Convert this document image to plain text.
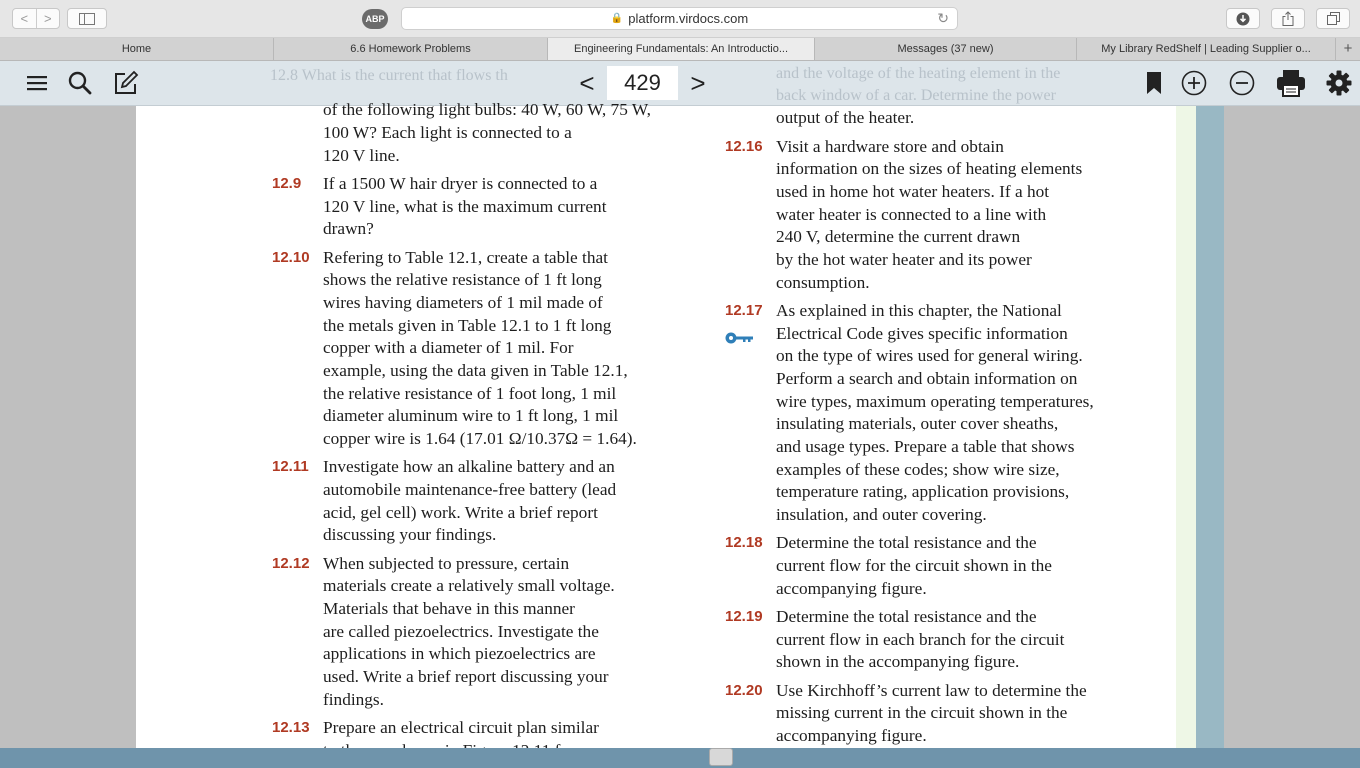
<	>	ABP	🔒 platform.virdocs.com	↻
Home	6.6 Homework Problems	Engineering Fundamentals: An Introductio...	Messages (37 new)	My Library RedShelf | Leading Supplier o...	+
12.8 What is the current that flows th	and the voltage of the heating element in the
back window of a car. Determine the power
<	429	>
of the following light bulbs: 40 W, 60 W, 75 W,
100 W? Each light is connected to a
120 V line.
12.9 If a 1500 W hair dryer is connected to a
120 V line, what is the maximum current
drawn?
12.10 Refering to Table 12.1, create a table that
shows the relative resistance of 1 ft long
wires having diameters of 1 mil made of
the metals given in Table 12.1 to 1 ft long
copper with a diameter of 1 mil. For
example, using the data given in Table 12.1,
the relative resistance of 1 foot long, 1 mil
diameter aluminum wire to 1 ft long, 1 mil
copper wire is 1.64 (17.01 Ω/10.37Ω = 1.64).
12.11 Investigate how an alkaline battery and an
automobile maintenance-free battery (lead
acid, gel cell) work. Write a brief report
discussing your findings.
12.12 When subjected to pressure, certain
materials create a relatively small voltage.
Materials that behave in this manner
are called piezoelectrics. Investigate the
applications in which piezoelectrics are
used. Write a brief report discussing your
findings.
12.13 Prepare an electrical circuit plan similar
output of the heater.
12.16 Visit a hardware store and obtain
information on the sizes of heating elements
used in home hot water heaters. If a hot
water heater is connected to a line with
240 V, determine the current drawn
by the hot water heater and its power
consumption.
12.17 As explained in this chapter, the National
Electrical Code gives specific information
on the type of wires used for general wiring.
Perform a search and obtain information on
wire types, maximum operating temperatures,
insulating materials, outer cover sheaths,
and usage types. Prepare a table that shows
examples of these codes; show wire size,
temperature rating, application provisions,
insulation, and outer covering.
12.18 Determine the total resistance and the
current flow for the circuit shown in the
accompanying figure.
12.19 Determine the total resistance and the
current flow in each branch for the circuit
shown in the accompanying figure.
12.20 Use Kirchhoff’s current law to determine the
missing current in the circuit shown in the
accompanying figure.
